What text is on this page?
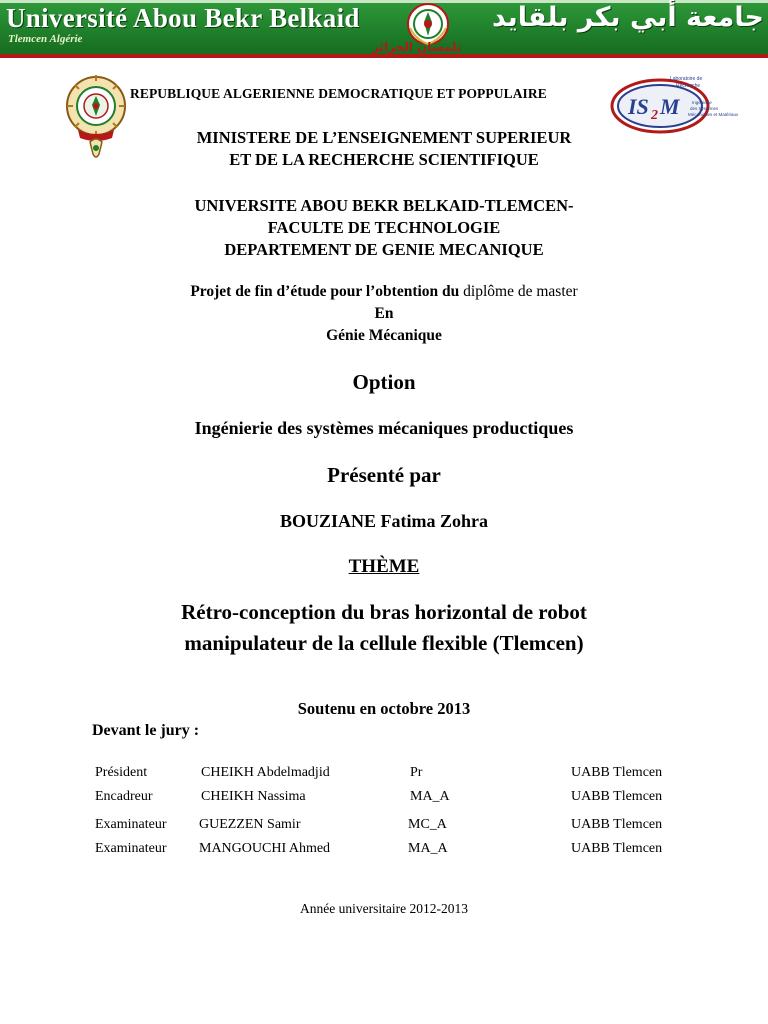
Université Abou Bekr Belkaid
Tlemcen Algérie
تلمسان الجزائر
جامعة أبي بكر بلقايد
IS 2 M
Laboratoire de
Recherche
Ingénierie
des Systèmes
Mécaniques et Matériaux
REPUBLIQUE ALGERIENNE DEMOCRATIQUE ET POPPULAIRE
MINISTERE DE L’ENSEIGNEMENT SUPERIEUR
ET DE LA RECHERCHE SCIENTIFIQUE
UNIVERSITE ABOU BEKR BELKAID-TLEMCEN-
FACULTE DE TECHNOLOGIE
DEPARTEMENT DE GENIE MECANIQUE
Projet de fin d’étude pour l’obtention du diplôme de master
En
Génie Mécanique
Option
Ingénierie des systèmes mécaniques productiques
Présenté par
BOUZIANE Fatima Zohra
THÈME
Rétro-conception du bras horizontal de robot
manipulateur de la cellule flexible (Tlemcen)
Soutenu en octobre 2013
Devant le jury :
Président	CHEIKH Abdelmadjid	Pr	UABB Tlemcen
Encadreur	CHEIKH Nassima	MA_A	UABB Tlemcen
Examinateur GUEZZEN Samir	MC_A	UABB Tlemcen
Examinateur MANGOUCHI Ahmed	MA_A	UABB Tlemcen
Année universitaire 2012-2013
